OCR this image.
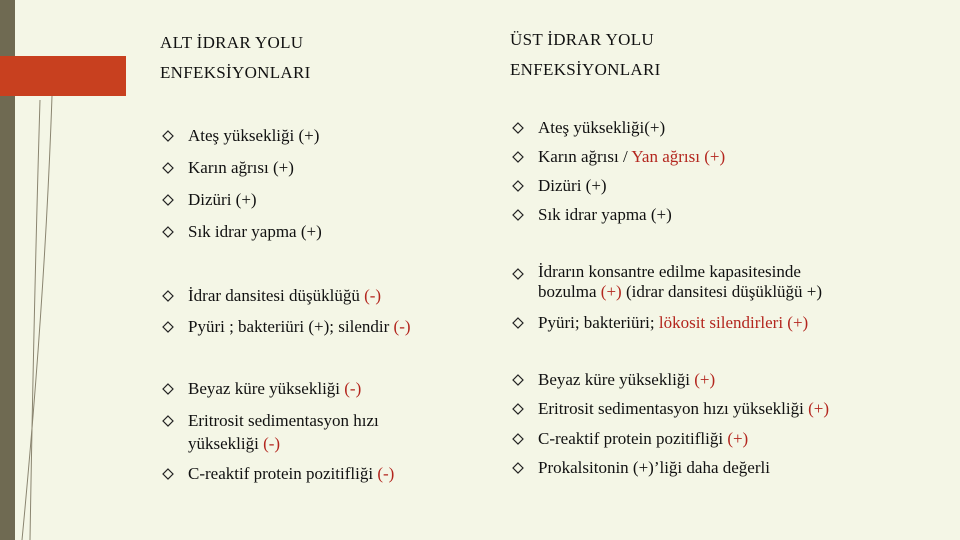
ALT İDRAR YOLU
ENFEKSİYONLARI
ÜST İDRAR YOLU
ENFEKSİYONLARI
Ateş yüksekliği (+)
Karın ağrısı (+)
Dizüri (+)
Sık idrar yapma (+)
İdrar dansitesi düşüklüğü (-)
Pyüri ; bakteriüri (+); silendir (-)
Beyaz küre yüksekliği (-)
Eritrosit sedimentasyon hızı
yüksekliği (-)
C-reaktif protein pozitifliği (-)
Ateş yüksekliği(+)
Karın ağrısı / Yan ağrısı (+)
Dizüri (+)
Sık idrar yapma (+)
İdrarın konsantre edilme kapasitesinde
bozulma (+) (idrar dansitesi düşüklüğü +)
Pyüri; bakteriüri; lökosit silendirleri (+)
Beyaz küre yüksekliği (+)
Eritrosit sedimentasyon hızı yüksekliği (+)
C-reaktif protein pozitifliği (+)
Prokalsitonin (+)’liği daha değerli
